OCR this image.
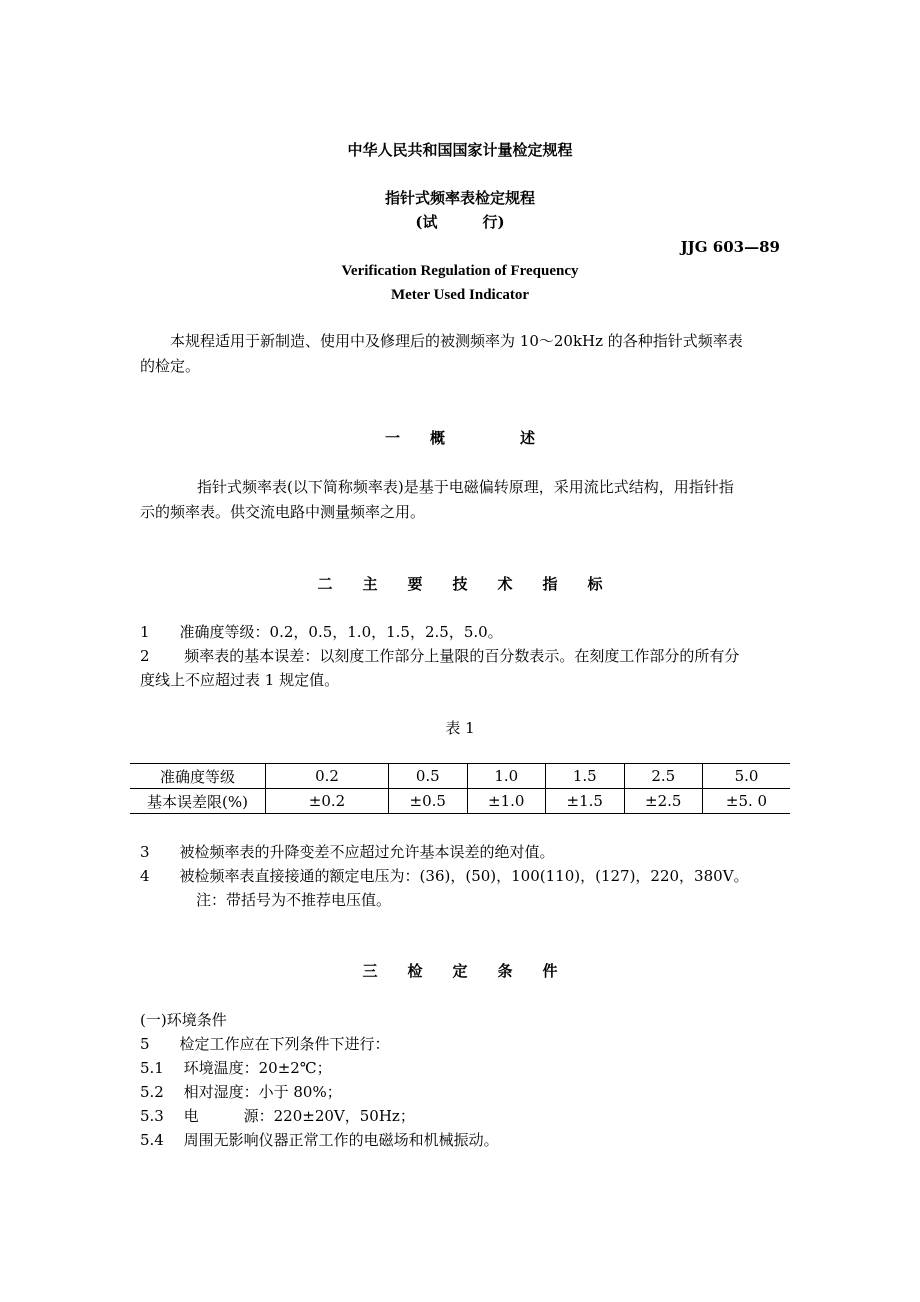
中华人民共和国国家计量检定规程
指针式频率表检定规程
(试　　　行)
JJG 603—89
Verification Regulation of Frequency
Meter Used Indicator
本规程适用于新制造、使用中及修理后的被测频率为 10～20kHz 的各种指针式频率表
的检定。
一　　概　　　　　述
指针式频率表(以下简称频率表)是基于电磁偏转原理，采用流比式结构，用指针指
示的频率表。供交流电路中测量频率之用。
二　　主　　要　　技　　术　　指　　标
1　　准确度等级：0.2，0.5，1.0，1.5，2.5，5.0。
2　　 频率表的基本误差：以刻度工作部分上量限的百分数表示。在刻度工作部分的所有分
度线上不应超过表 1 规定值。
表 1
准确度等级	0.2	0.5	1.0	1.5	2.5	5.0
基本误差限(%)	±0.2	±0.5	±1.0	±1.5	±2.5	±5. 0
3　　被检频率表的升降变差不应超过允许基本误差的绝对值。
4　　被检频率表直接接通的额定电压为：(36)，(50)，100(110)，(127)，220，380V。
注：带括号为不推荐电压值。
三　　检　　定　　条　　件
(一)环境条件
5　　检定工作应在下列条件下进行：
5.1　 环境温度：20±2℃；
5.2　 相对湿度：小于 80%；
5.3　 电　　　源：220±20V，50Hz；
5.4　 周围无影响仪器正常工作的电磁场和机械振动。
